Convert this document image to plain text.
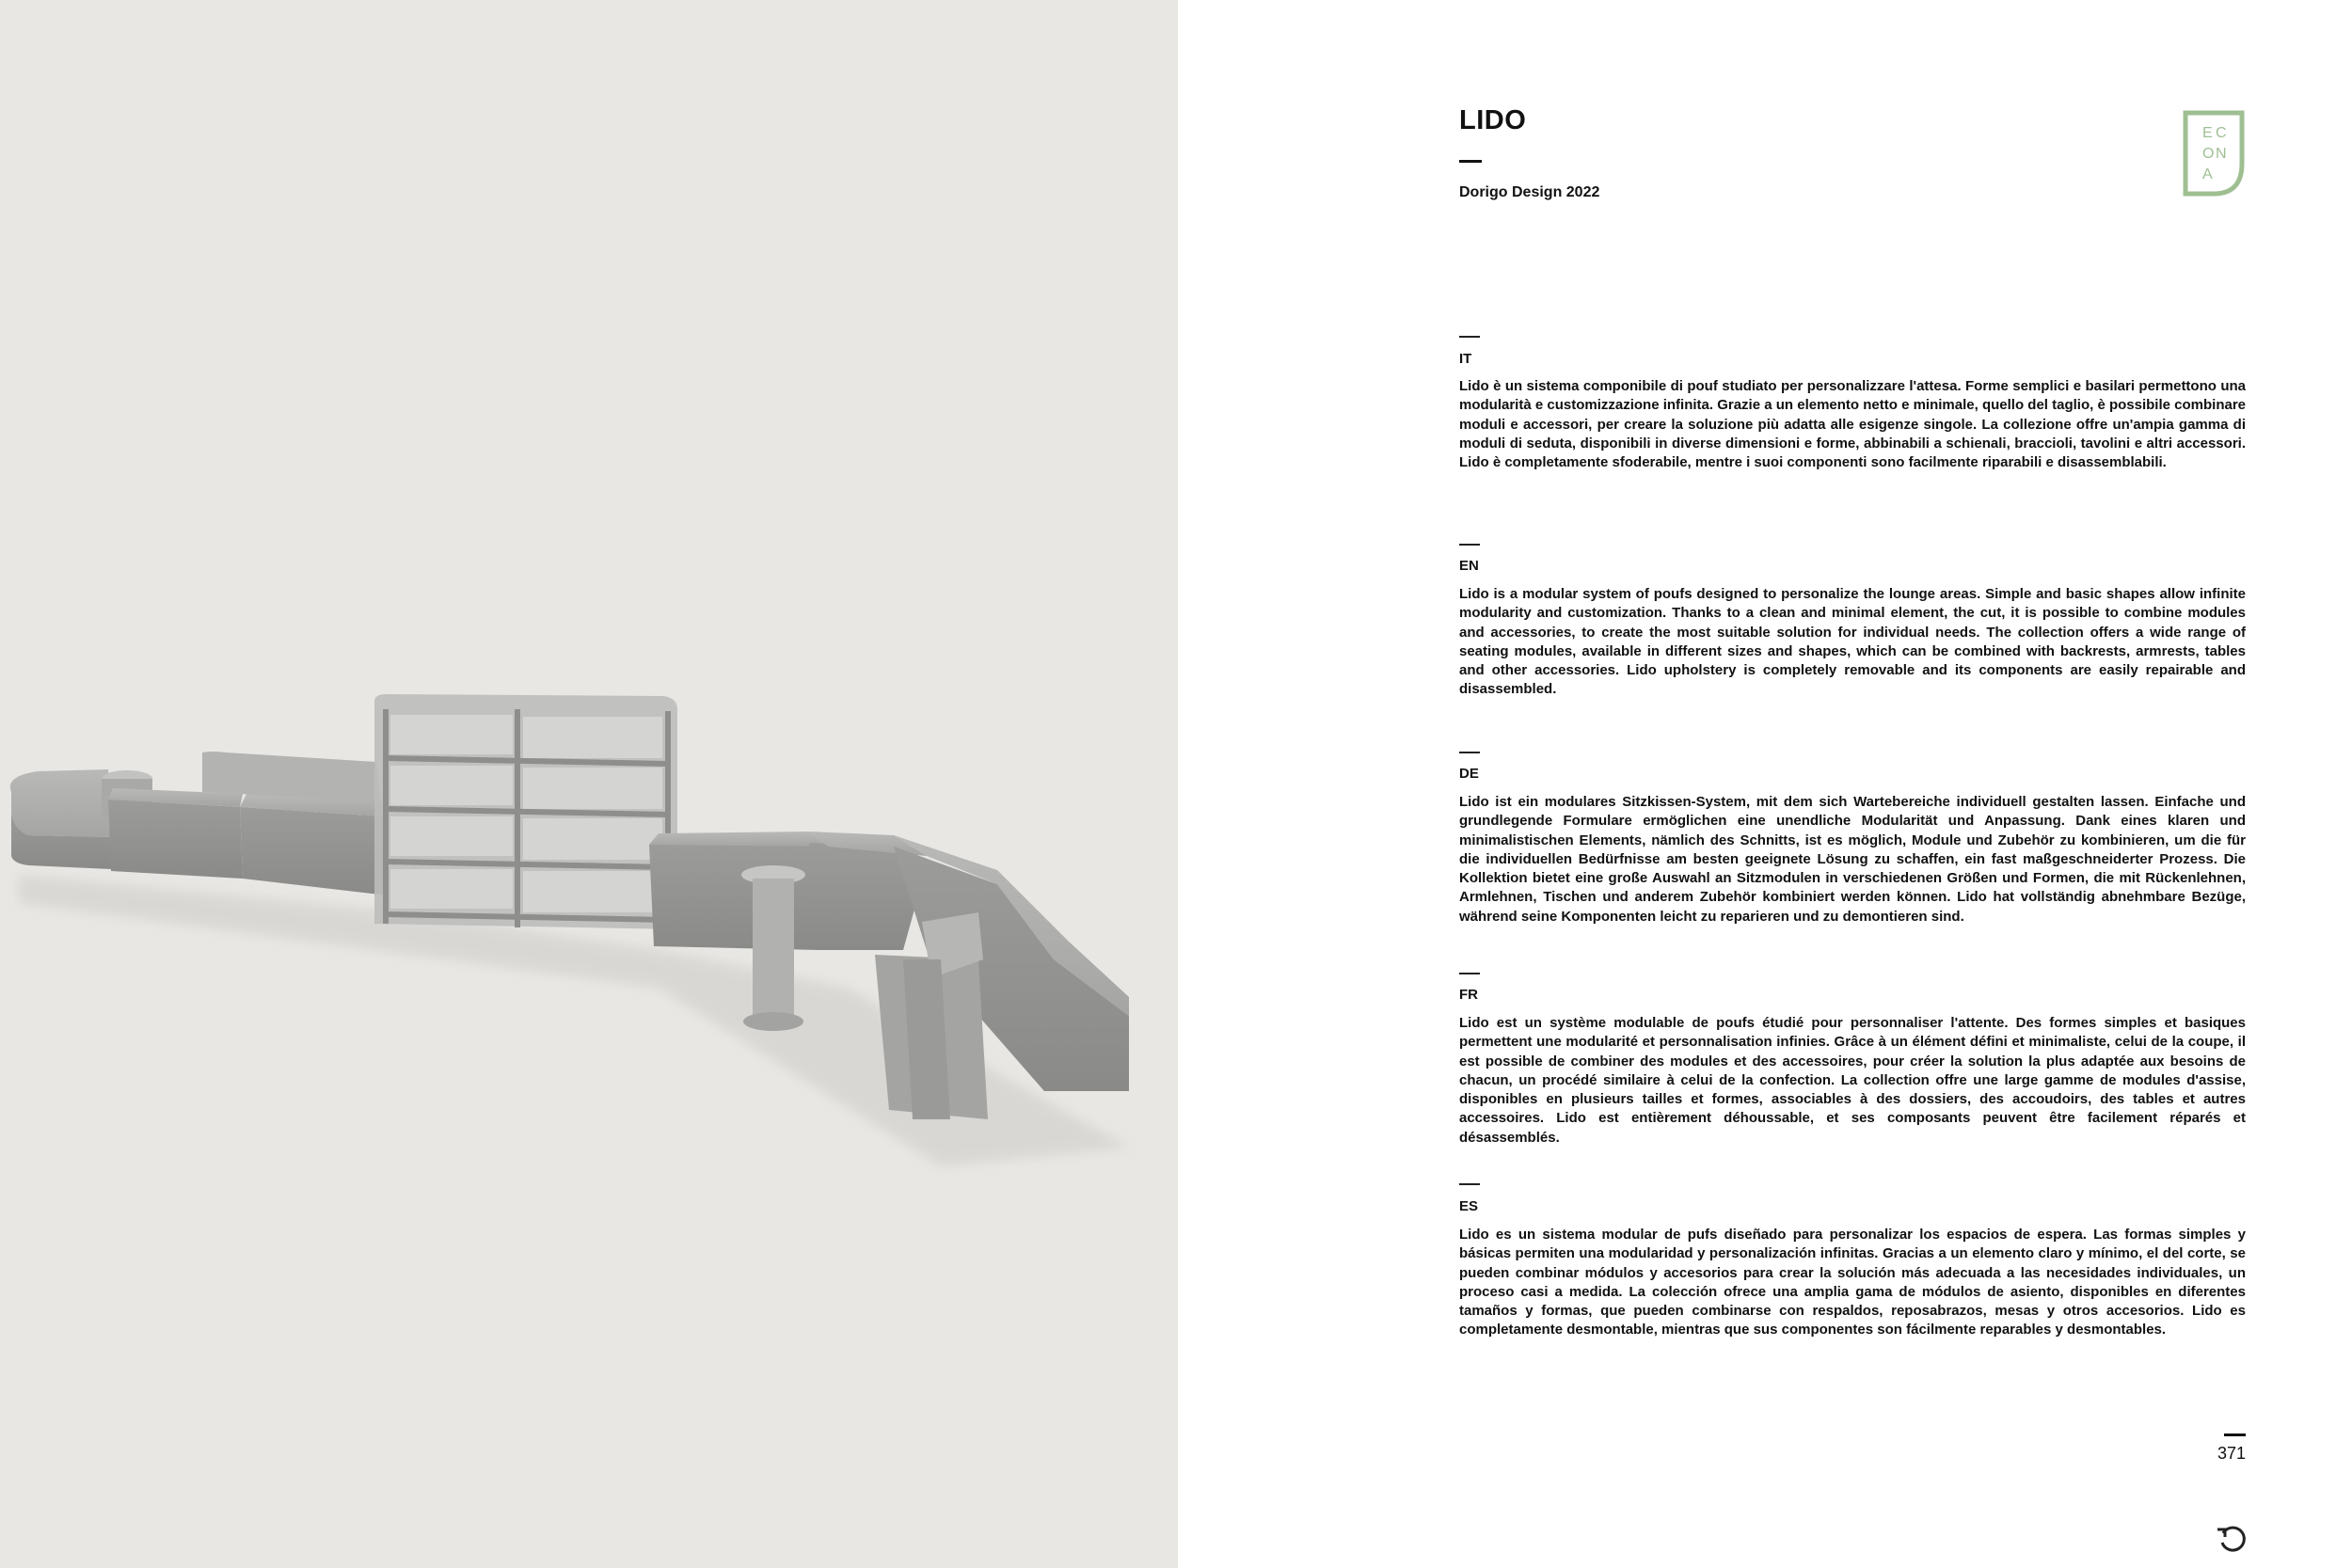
LIDO
Dorigo Design 2022
E C
O N
A
IT
Lido è un sistema componibile di pouf studiato per personalizzare l'attesa. Forme semplici e basilari permettono una modularità e customizzazione infinita. Grazie a un elemento netto e minimale, quello del taglio, è possibile combinare moduli e accessori, per creare la soluzione più adatta alle esigenze singole. La collezione offre un'ampia gamma di moduli di seduta, disponibili in diverse dimensioni e forme, abbinabili a schienali, braccioli, tavolini e altri accessori. Lido è completamente sfoderabile, mentre i suoi componenti sono facilmente riparabili e disassemblabili.
EN
Lido is a modular system of poufs designed to personalize the lounge areas. Simple and basic shapes allow infinite modularity and customization. Thanks to a clean and minimal element, the cut, it is possible to combine modules and accessories, to create the most suitable solution for individual needs. The collection offers a wide range of seating modules, available in different sizes and shapes, which can be combined with backrests, armrests, tables and other accessories. Lido upholstery is completely removable and its components are easily repairable and disassembled.
DE
Lido ist ein modulares Sitzkissen-System, mit dem sich Wartebereiche individuell gestalten lassen. Einfache und grundlegende Formulare ermöglichen eine unendliche Modularität und Anpassung. Dank eines klaren und minimalistischen Elements, nämlich des Schnitts, ist es möglich, Module und Zubehör zu kombinieren, um die für die individuellen Bedürfnisse am besten geeignete Lösung zu schaffen, ein fast maßgeschneiderter Prozess. Die Kollektion bietet eine große Auswahl an Sitzmodulen in verschiedenen Größen und Formen, die mit Rückenlehnen, Armlehnen, Tischen und anderem Zubehör kombiniert werden können. Lido hat vollständig abnehmbare Bezüge, während seine Komponenten leicht zu reparieren und zu demontieren sind.
FR
Lido est un système modulable de poufs étudié pour personnaliser l'attente. Des formes simples et basiques permettent une modularité et personnalisation infinies. Grâce à un élément défini et minimaliste, celui de la coupe, il est possible de combiner des modules et des accessoires, pour créer la solution la plus adaptée aux besoins de chacun, un procédé similaire à celui de la confection. La collection offre une large gamme de modules d'assise, disponibles en plusieurs tailles et formes, associables à des dossiers, des accoudoirs, des tables et autres accessoires. Lido est entièrement déhoussable, et ses composants peuvent être facilement réparés et désassemblés.
ES
Lido es un sistema modular de pufs diseñado para personalizar los espacios de espera. Las formas simples y básicas permiten una modularidad y personalización infinitas. Gracias a un elemento claro y mínimo, el del corte, se pueden combinar módulos y accesorios para crear la solución más adecuada a las necesidades individuales, un proceso casi a medida. La colección ofrece una amplia gama de módulos de asiento, disponibles en diferentes tamaños y formas, que pueden combinarse con respaldos, reposabrazos, mesas y otros accesorios. Lido es completamente desmontable, mientras que sus componentes son fácilmente reparables y desmontables.
371
